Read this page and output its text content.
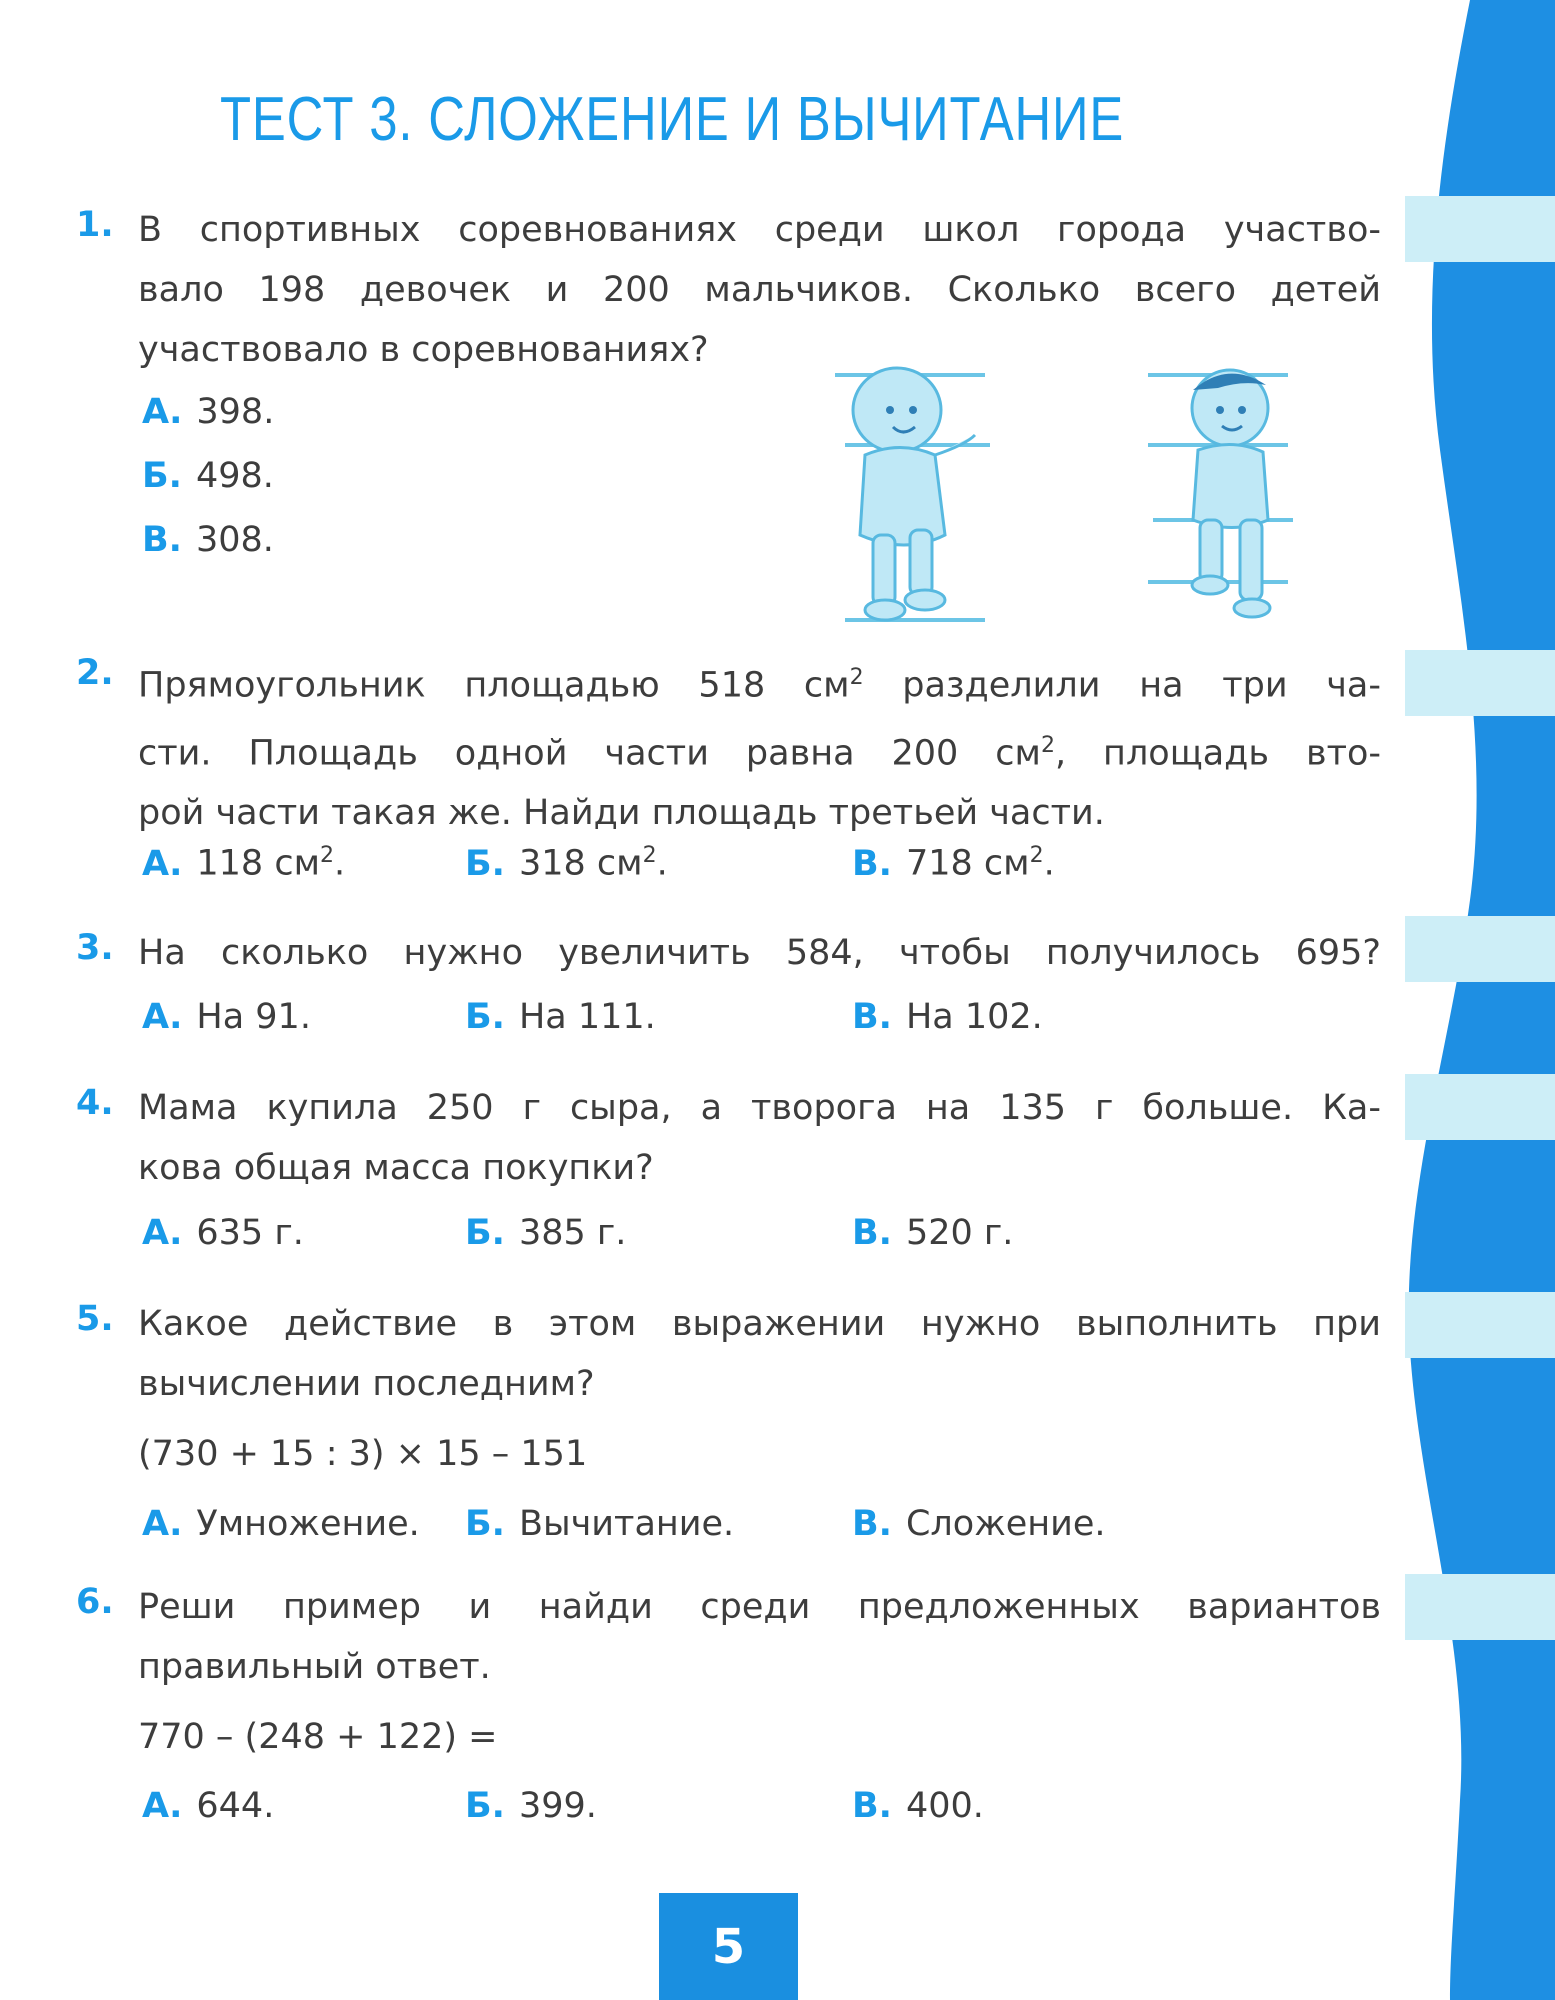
ТЕСТ 3. СЛОЖЕНИЕ И ВЫЧИТАНИЕ
1. В спортивных соревнованиях среди школ города участво-
вало 198 девочек и 200 мальчиков. Сколько всего детей
участвовало в соревнованиях?
А. 398.
Б. 498.
В. 308.
2. Прямоугольник площадью 518 $см^2$ разделили на три ча-
сти. Площадь одной части равна 200 $см^2$, площадь вто-
рой части такая же. Найди площадь третьей части.
А. 118 $см^2$.	Б. 318 $см^2$.	В. 718 $см^2$.
3. На сколько нужно увеличить 584, чтобы получилось 695?
А. На 91.	Б. На 111.	В. На 102.
4. Мама купила 250 г сыра, а творога на 135 г больше. Ка-
кова общая масса покупки?
А. 635 г.	Б. 385 г.	В. 520 г.
5. Какое действие в этом выражении нужно выполнить при
вычислении последним?
(730 + 15 : 3) × 15 – 151
А. Умножение. Б. Вычитание.	В. Сложение.
6. Реши пример и найди среди предложенных вариантов
правильный ответ.
770 – (248 + 122) =
А. 644.	Б. 399.	В. 400.
5
